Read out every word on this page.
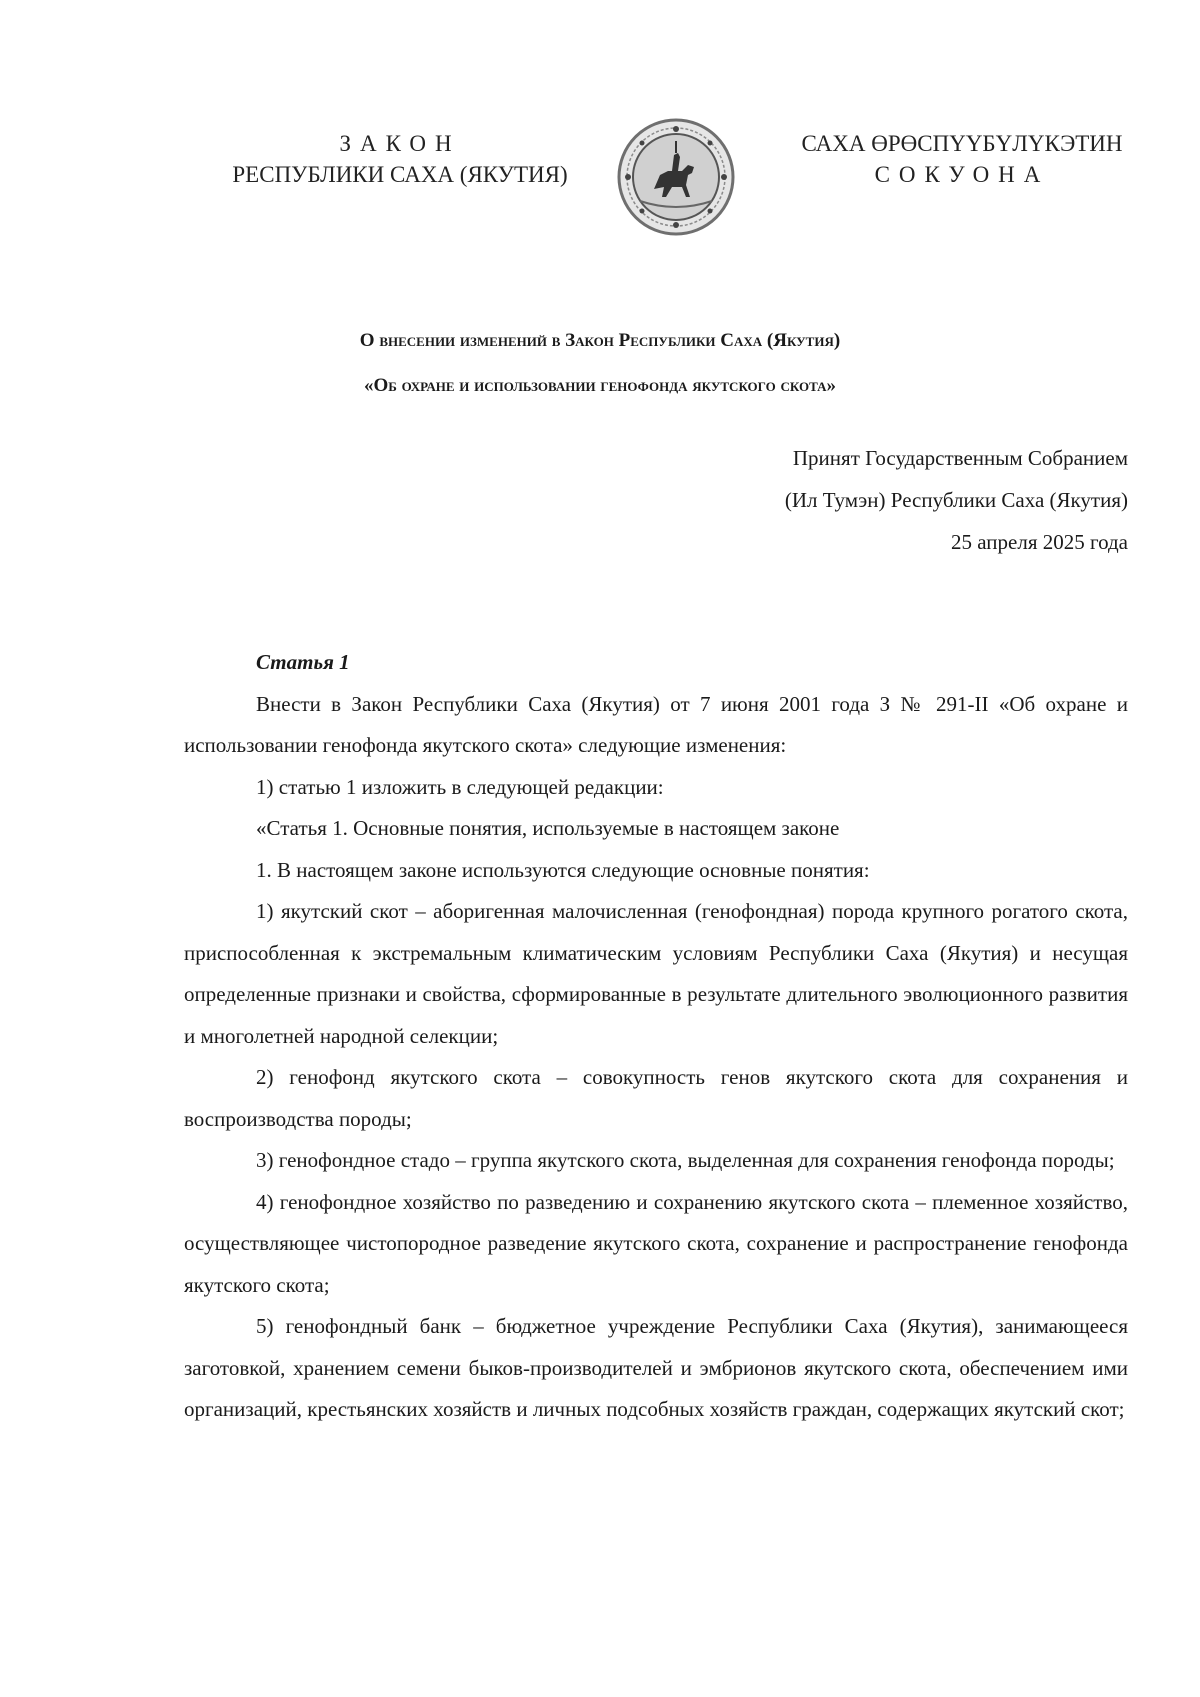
ЗАКОН
РЕСПУБЛИКИ САХА (ЯКУТИЯ)
САХА ӨРӨСПҮҮБҮЛҮКЭТИН
СОКУОНА
О внесении изменений в Закон Республики Саха (Якутия)
«Об охране и использовании генофонда якутского скота»
Принят Государственным Собранием
(Ил Тумэн) Республики Саха (Якутия)
25 апреля 2025 года

Статья 1

Внести в Закон Республики Саха (Якутия) от 7 июня 2001 года З № 291-II «Об охране и использовании генофонда якутского скота» следующие изменения:

1) статью 1 изложить в следующей редакции:

«Статья 1. Основные понятия, используемые в настоящем законе

1. В настоящем законе используются следующие основные понятия:

1) якутский скот – аборигенная малочисленная (генофондная) порода крупного рогатого скота, приспособленная к экстремальным климатическим условиям Республики Саха (Якутия) и несущая определенные признаки и свойства, сформированные в результате длительного эволюционного развития и многолетней народной селекции;

2) генофонд якутского скота – совокупность генов якутского скота для сохранения и воспроизводства породы;

3) генофондное стадо – группа якутского скота, выделенная для сохранения генофонда породы;

4) генофондное хозяйство по разведению и сохранению якутского скота – племенное хозяйство, осуществляющее чистопородное разведение якутского скота, сохранение и распространение генофонда якутского скота;

5) генофондный банк – бюджетное учреждение Республики Саха (Якутия), занимающееся заготовкой, хранением семени быков-производителей и эмбрионов якутского скота, обеспечением ими организаций, крестьянских хозяйств и личных подсобных хозяйств граждан, содержащих якутский скот;
